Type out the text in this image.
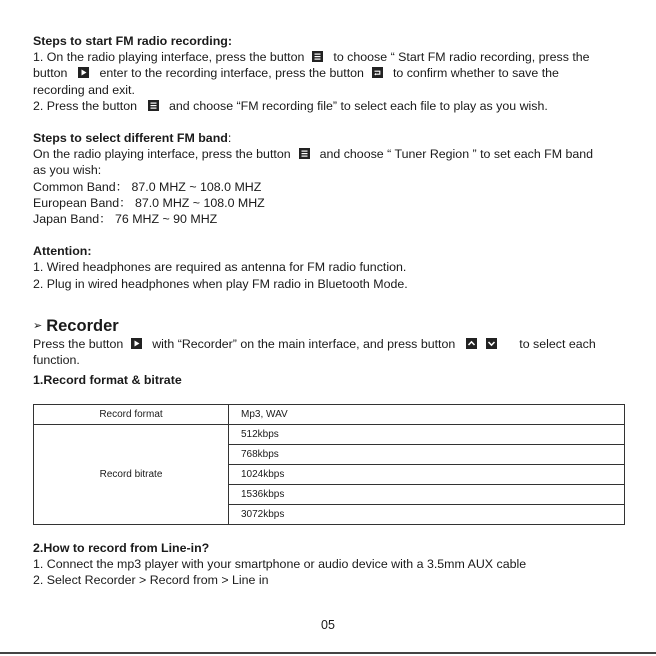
Steps to start FM radio recording:

1. On the radio playing interface, press the button to choose “ Start FM radio recording, press the

button	enter to the recording interface, press the button to confirm whether to save the

recording and exit.

2. Press the button	and choose “FM recording file” to select each file to play as you wish.

Steps to select different FM band:

On the radio playing interface, press the button and choose “ Tuner Region ” to set each FM band

as you wish:

Common Band： 87.0 MHZ ~ 108.0 MHZ

European Band： 87.0 MHZ ~ 108.0 MHZ

Japan Band： 76 MHZ ~ 90 MHZ

Attention:

1. Wired headphones are required as antenna for FM radio function.

2. Plug in wired headphones when play FM radio in Bluetooth Mode.

➢ Recorder

Press the button with “Recorder” on the main interface, and press button	to select each

function.

1.Record format & bitrate

Record format	Mp3, WAV
Record bitrate	512kbps
	768kbps
	1024kbps
	1536kbps
	3072kbps

2.How to record from Line-in?

1. Connect the mp3 player with your smartphone or audio device with a 3.5mm AUX cable

2. Select Recorder > Record from > Line in

05
